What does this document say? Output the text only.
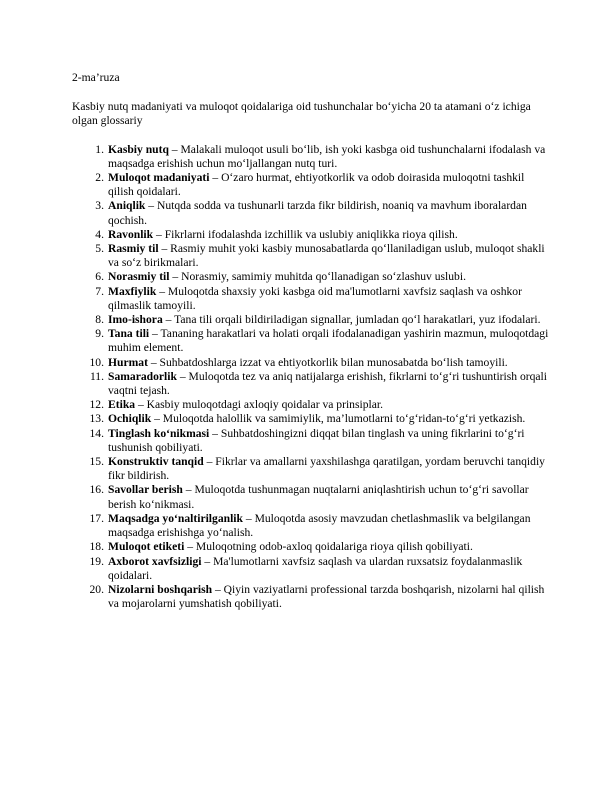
2-ma’ruza

Kasbiy nutq madaniyati va muloqot qoidalariga oid tushunchalar bo‘yicha 20 ta atamani o‘z ichiga olgan glossariy

1. Kasbiy nutq – Malakali muloqot usuli bo‘lib, ish yoki kasbga oid tushunchalarni ifodalash va maqsadga erishish uchun mo‘ljallangan nutq turi.
2. Muloqot madaniyati – O‘zaro hurmat, ehtiyotkorlik va odob doirasida muloqotni tashkil qilish qoidalari.
3. Aniqlik – Nutqda sodda va tushunarli tarzda fikr bildirish, noaniq va mavhum iboralardan qochish.
4. Ravonlik – Fikrlarni ifodalashda izchillik va uslubiy aniqlikka rioya qilish.
5. Rasmiy til – Rasmiy muhit yoki kasbiy munosabatlarda qo‘llaniladigan uslub, muloqot shakli va so‘z birikmalari.
6. Norasmiy til – Norasmiy, samimiy muhitda qo‘llanadigan so‘zlashuv uslubi.
7. Maxfiylik – Muloqotda shaxsiy yoki kasbga oid ma'lumotlarni xavfsiz saqlash va oshkor qilmaslik tamoyili.
8. Imo-ishora – Tana tili orqali bildiriladigan signallar, jumladan qo‘l harakatlari, yuz ifodalari.
9. Tana tili – Tananing harakatlari va holati orqali ifodalanadigan yashirin mazmun, muloqotdagi muhim element.
10. Hurmat – Suhbatdoshlarga izzat va ehtiyotkorlik bilan munosabatda bo‘lish tamoyili.
11. Samaradorlik – Muloqotda tez va aniq natijalarga erishish, fikrlarni to‘g‘ri tushuntirish orqali vaqtni tejash.
12. Etika – Kasbiy muloqotdagi axloqiy qoidalar va prinsiplar.
13. Ochiqlik – Muloqotda halollik va samimiylik, ma’lumotlarni to‘g‘ridan-to‘g‘ri yetkazish.
14. Tinglash ko‘nikmasi – Suhbatdoshingizni diqqat bilan tinglash va uning fikrlarini to‘g‘ri tushunish qobiliyati.
15. Konstruktiv tanqid – Fikrlar va amallarni yaxshilashga qaratilgan, yordam beruvchi tanqidiy fikr bildirish.
16. Savollar berish – Muloqotda tushunmagan nuqtalarni aniqlashtirish uchun to‘g‘ri savollar berish ko‘nikmasi.
17. Maqsadga yo‘naltirilganlik – Muloqotda asosiy mavzudan chetlashmaslik va belgilangan maqsadga erishishga yo‘nalish.
18. Muloqot etiketi – Muloqotning odob-axloq qoidalariga rioya qilish qobiliyati.
19. Axborot xavfsizligi – Ma'lumotlarni xavfsiz saqlash va ulardan ruxsatsiz foydalanmaslik qoidalari.
20. Nizolarni boshqarish – Qiyin vaziyatlarni professional tarzda boshqarish, nizolarni hal qilish va mojarolarni yumshatish qobiliyati.
